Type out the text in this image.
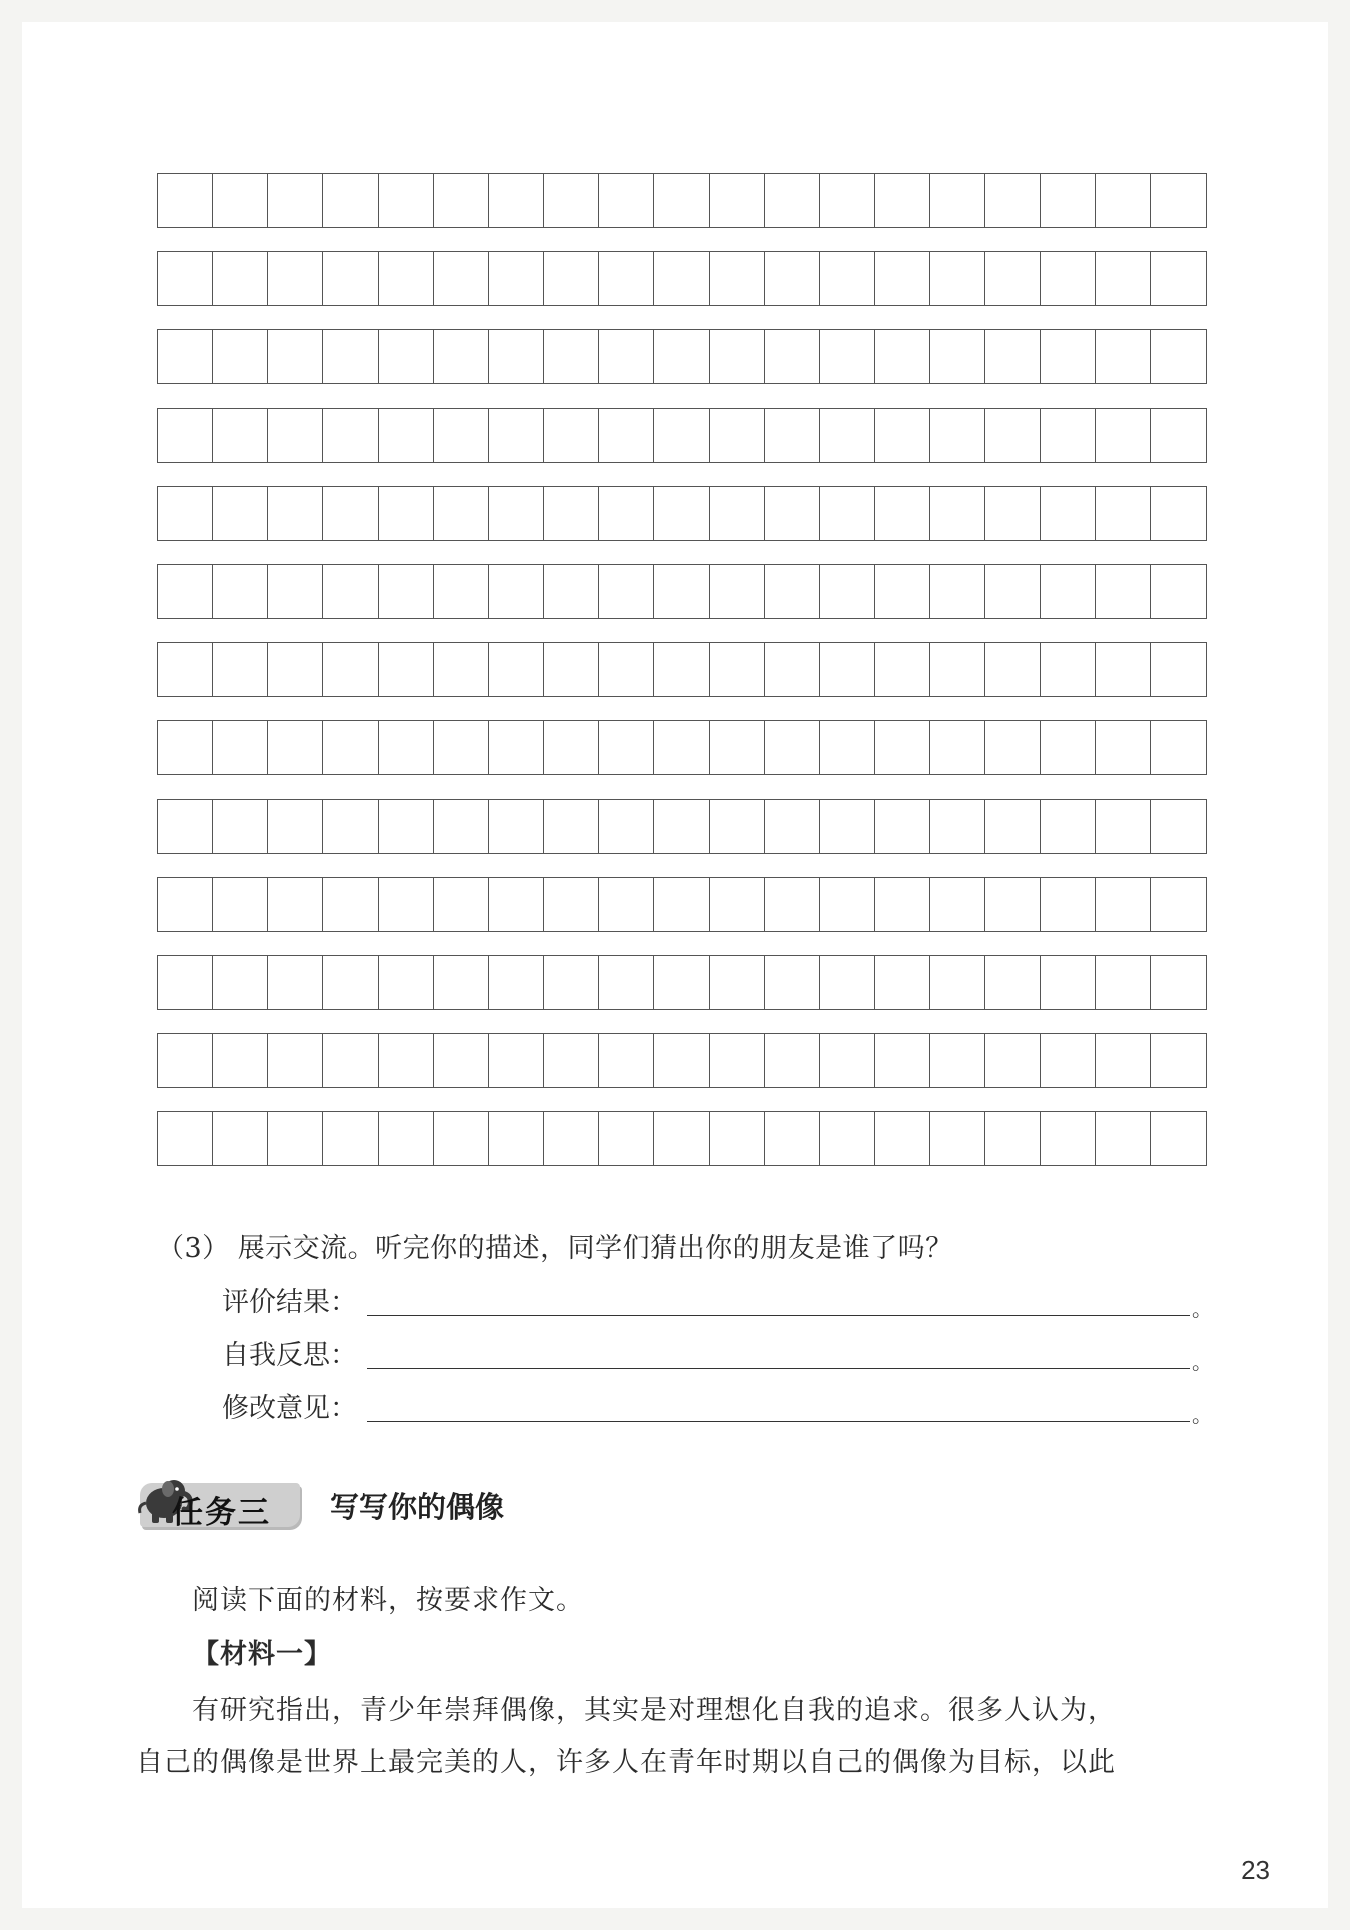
（3） 展示交流。听完你的描述，同学们猜出你的朋友是谁了吗？
评价结果：	。
自我反思：	。
修改意见：	。
任务三 写写你的偶像
阅读下面的材料，按要求作文。
【材料一】
有研究指出，青少年崇拜偶像，其实是对理想化自我的追求。很多人认为，
自己的偶像是世界上最完美的人，许多人在青年时期以自己的偶像为目标，以此
23
